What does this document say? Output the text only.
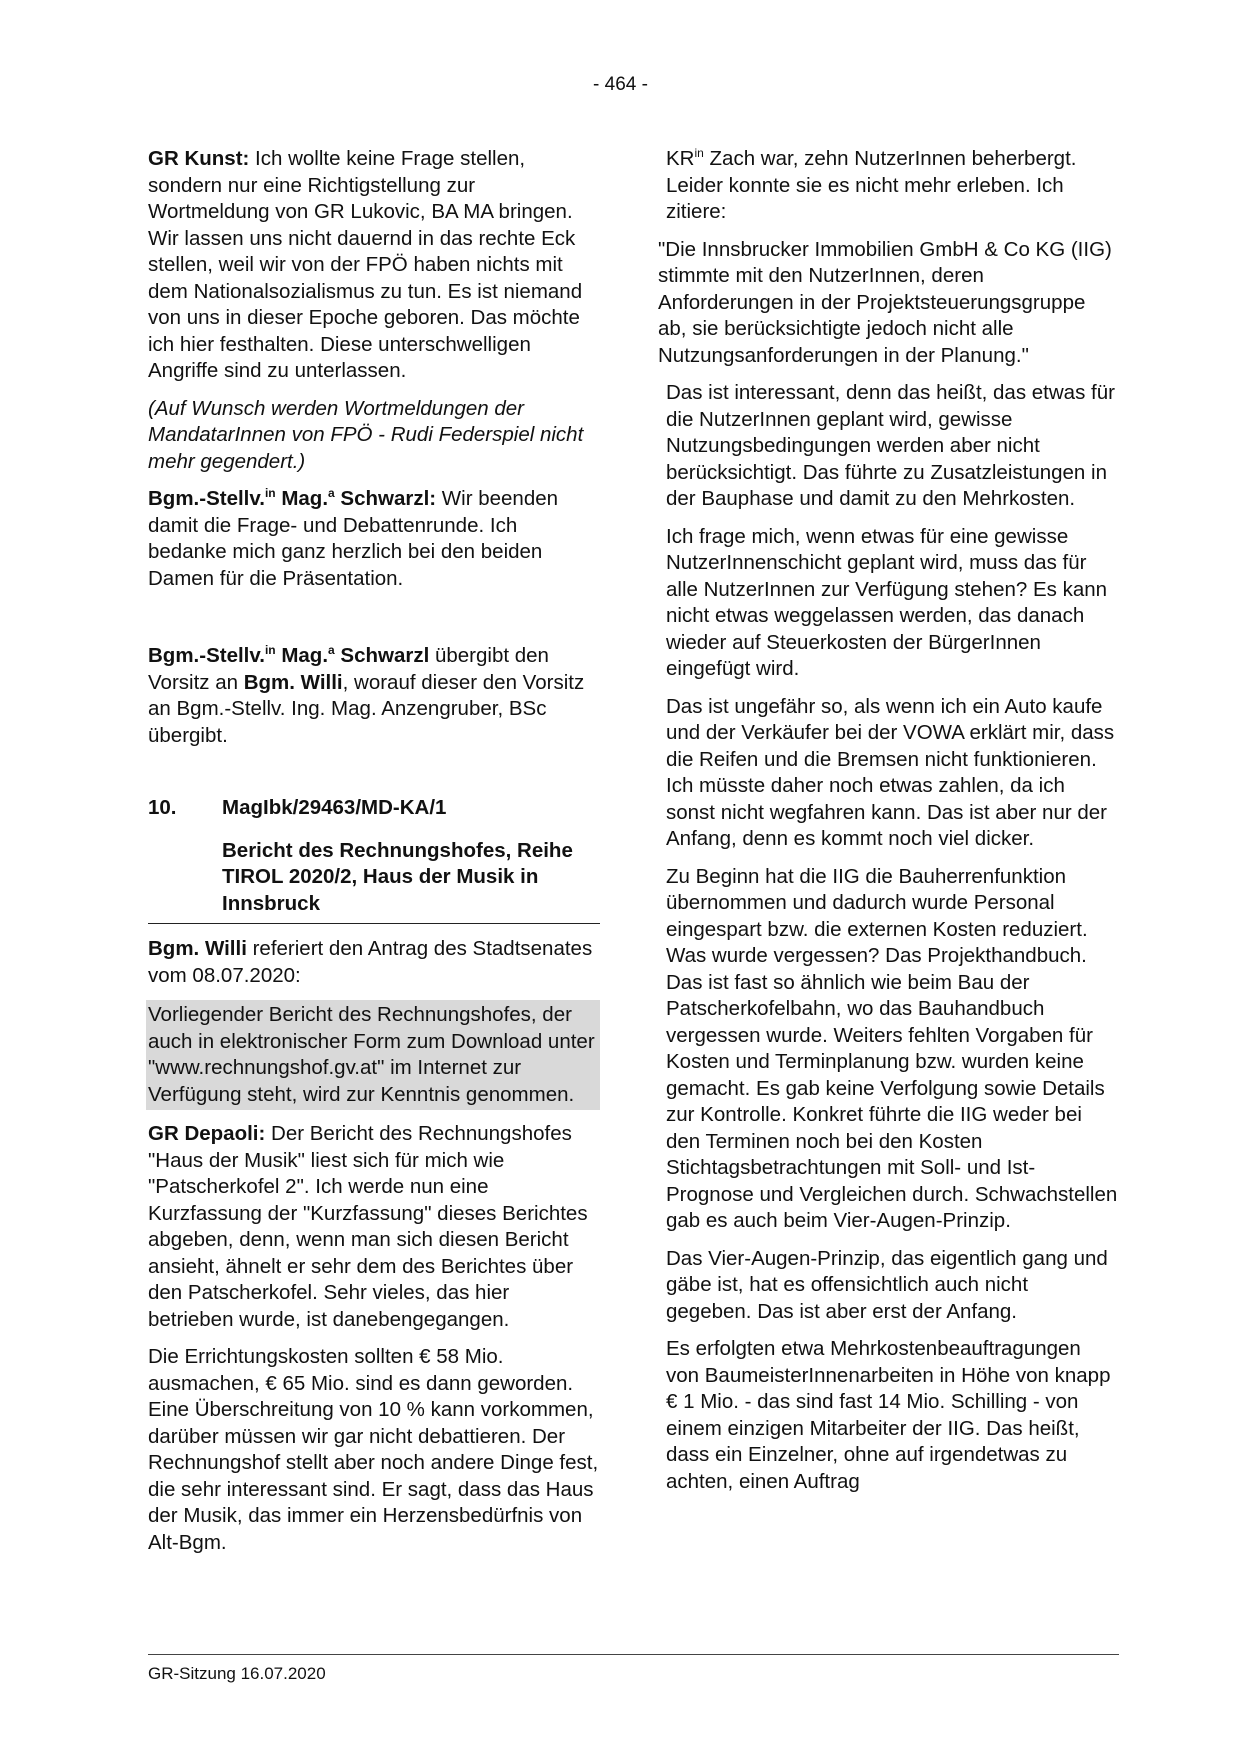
- 464 -

GR Kunst: Ich wollte keine Frage stellen, sondern nur eine Richtigstellung zur Wortmeldung von GR Lukovic, BA MA bringen. Wir lassen uns nicht dauernd in das rechte Eck stellen, weil wir von der FPÖ haben nichts mit dem Nationalsozialismus zu tun. Es ist niemand von uns in dieser Epoche geboren. Das möchte ich hier festhalten. Diese unterschwelligen Angriffe sind zu unterlassen.

(Auf Wunsch werden Wortmeldungen der MandatarInnen von FPÖ - Rudi Federspiel nicht mehr gegendert.)

Bgm.-Stellv.$^{in}$ Mag.$^a$ Schwarzl: Wir beenden damit die Frage- und Debattenrunde. Ich bedanke mich ganz herzlich bei den beiden Damen für die Präsentation.

Bgm.-Stellv.$^{in}$ Mag.$^a$ Schwarzl übergibt den Vorsitz an Bgm. Willi, worauf dieser den Vorsitz an Bgm.-Stellv. Ing. Mag. Anzengruber, BSc übergibt.

10.	MagIbk/29463/MD-KA/1
Bericht des Rechnungshofes, Reihe TIROL 2020/2, Haus der Musik in Innsbruck

Bgm. Willi referiert den Antrag des Stadtsenates vom 08.07.2020:

Vorliegender Bericht des Rechnungshofes, der auch in elektronischer Form zum Download unter "www.rechnungshof.gv.at" im Internet zur Verfügung steht, wird zur Kenntnis genommen.

GR Depaoli: Der Bericht des Rechnungshofes "Haus der Musik" liest sich für mich wie "Patscherkofel 2". Ich werde nun eine Kurzfassung der "Kurzfassung" dieses Berichtes abgeben, denn, wenn man sich diesen Bericht ansieht, ähnelt er sehr dem des Berichtes über den Patscherkofel. Sehr vieles, das hier betrieben wurde, ist danebengegangen.

Die Errichtungskosten sollten € 58 Mio. ausmachen, € 65 Mio. sind es dann geworden. Eine Überschreitung von 10 % kann vorkommen, darüber müssen wir gar nicht debattieren. Der Rechnungshof stellt aber noch andere Dinge fest, die sehr interessant sind. Er sagt, dass das Haus der Musik, das immer ein Herzensbedürfnis von Alt-Bgm.

$KR^{in}$ Zach war, zehn NutzerInnen beherbergt. Leider konnte sie es nicht mehr erleben. Ich zitiere:

"Die Innsbrucker Immobilien GmbH & Co KG (IIG) stimmte mit den NutzerInnen, deren Anforderungen in der Projektsteuerungsgruppe ab, sie berücksichtigte jedoch nicht alle Nutzungsanforderungen in der Planung."

Das ist interessant, denn das heißt, das etwas für die NutzerInnen geplant wird, gewisse Nutzungsbedingungen werden aber nicht berücksichtigt. Das führte zu Zusatzleistungen in der Bauphase und damit zu den Mehrkosten.

Ich frage mich, wenn etwas für eine gewisse NutzerInnenschicht geplant wird, muss das für alle NutzerInnen zur Verfügung stehen? Es kann nicht etwas weggelassen werden, das danach wieder auf Steuerkosten der BürgerInnen eingefügt wird.

Das ist ungefähr so, als wenn ich ein Auto kaufe und der Verkäufer bei der VOWA erklärt mir, dass die Reifen und die Bremsen nicht funktionieren. Ich müsste daher noch etwas zahlen, da ich sonst nicht wegfahren kann. Das ist aber nur der Anfang, denn es kommt noch viel dicker.

Zu Beginn hat die IIG die Bauherrenfunktion übernommen und dadurch wurde Personal eingespart bzw. die externen Kosten reduziert. Was wurde vergessen? Das Projekthandbuch. Das ist fast so ähnlich wie beim Bau der Patscherkofelbahn, wo das Bauhandbuch vergessen wurde. Weiters fehlten Vorgaben für Kosten und Terminplanung bzw. wurden keine gemacht. Es gab keine Verfolgung sowie Details zur Kontrolle. Konkret führte die IIG weder bei den Terminen noch bei den Kosten Stichtagsbetrachtungen mit Soll- und Ist-Prognose und Vergleichen durch. Schwachstellen gab es auch beim Vier-Augen-Prinzip.

Das Vier-Augen-Prinzip, das eigentlich gang und gäbe ist, hat es offensichtlich auch nicht gegeben. Das ist aber erst der Anfang.

Es erfolgten etwa Mehrkostenbeauftragungen von BaumeisterInnenarbeiten in Höhe von knapp € 1 Mio. - das sind fast 14 Mio. Schilling - von einem einzigen Mitarbeiter der IIG. Das heißt, dass ein Einzelner, ohne auf irgendetwas zu achten, einen Auftrag

GR-Sitzung 16.07.2020
